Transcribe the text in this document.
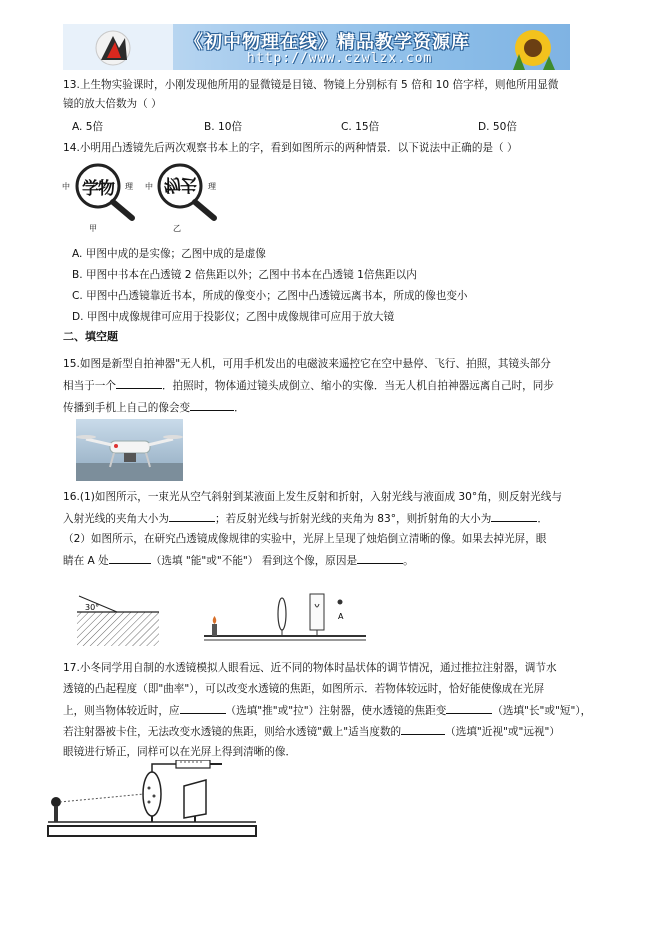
《初中物理在线》精品教学资源库
http://www.czwlzx.com
13.上生物实验课时，小刚发现他所用的显微镜是目镜、物镜上分别标有 5 倍和 10 倍字样，则他所用显微
镜的放大倍数为（ ）
A. 5倍	B. 10倍	C. 15倍	D. 50倍
14.小明用凸透镜先后两次观察书本上的字，看到如图所示的两种情景．以下说法中正确的是（ ）
中 学物 理
甲
中 物去 理
乙
A. 甲图中成的是实像；乙图中成的是虚像
B. 甲图中书本在凸透镜 2 倍焦距以外；乙图中书本在凸透镜 1倍焦距以内
C. 甲图中凸透镜靠近书本，所成的像变小；乙图中凸透镜远离书本，所成的像也变小
D. 甲图中成像规律可应用于投影仪；乙图中成像规律可应用于放大镜
二、填空题
15.如图是新型自拍神器"无人机，可用手机发出的电磁波来遥控它在空中悬停、飞行、拍照，其镜头部分
相当于一个	．拍照时，物体通过镜头成倒立、缩小的实像．当无人机自拍神器远离自己时，同步
传播到手机上自己的像会变	．
16.(1)如图所示，一束光从空气斜射到某液面上发生反射和折射，入射光线与液面成 30°角，则反射光线与
入射光线的夹角大小为	；若反射光线与折射光线的夹角为 83°，则折射角的大小为	．
（2）如图所示，在研究凸透镜成像规律的实验中，光屏上呈现了烛焰倒立清晰的像。如果去掉光屏，眼
睛在 A 处	（选填 "能"或"不能"） 看到这个像，原因是	。
30°
A
17.小冬同学用自制的水透镜模拟人眼看远、近不同的物体时晶状体的调节情况，通过推拉注射器，调节水
透镜的凸起程度（即"曲率"），可以改变水透镜的焦距，如图所示．若物体较远时，恰好能使像成在光屏
上，则当物体较近时，应	（选填"推"或"拉"）注射器，使水透镜的焦距变	（选填"长"或"短"），
若注射器被卡住，无法改变水透镜的焦距，则给水透镜"戴上"适当度数的	（选填"近视"或"远视"）
眼镜进行矫正，同样可以在光屏上得到清晰的像．
